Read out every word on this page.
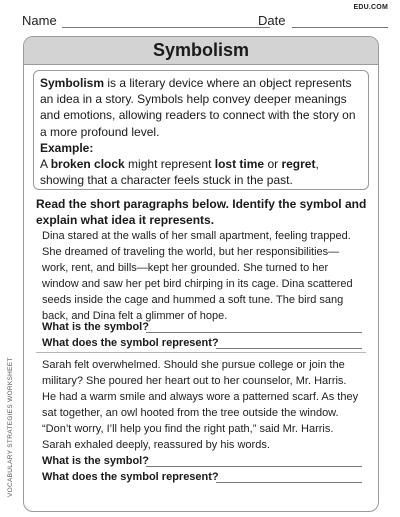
EDU.COM
Name	Date
Symbolism

Symbolism is a literary device where an object represents an idea in a story. Symbols help convey deeper meanings and emotions, allowing readers to connect with the story on a more profound level.

Example:

A broken clock might represent lost time or regret, showing that a character feels stuck in the past.

Read the short paragraphs below. Identify the symbol and explain what idea it represents.

Dina stared at the walls of her small apartment, feeling trapped. She dreamed of traveling the world, but her responsibilities—work, rent, and bills—kept her grounded. She turned to her window and saw her pet bird chirping in its cage. Dina scattered seeds inside the cage and hummed a soft tune. The bird sang back, and Dina felt a glimmer of hope.

What is the symbol?
What does the symbol represent?

Sarah felt overwhelmed. Should she pursue college or join the military? She poured her heart out to her counselor, Mr. Harris. He had a warm smile and always wore a patterned scarf. As they sat together, an owl hooted from the tree outside the window. “Don’t worry, I’ll help you find the right path,” said Mr. Harris. Sarah exhaled deeply, reassured by his words.

What is the symbol?
What does the symbol represent?
VOCABULARY STRATEGIES WORKSHEET
